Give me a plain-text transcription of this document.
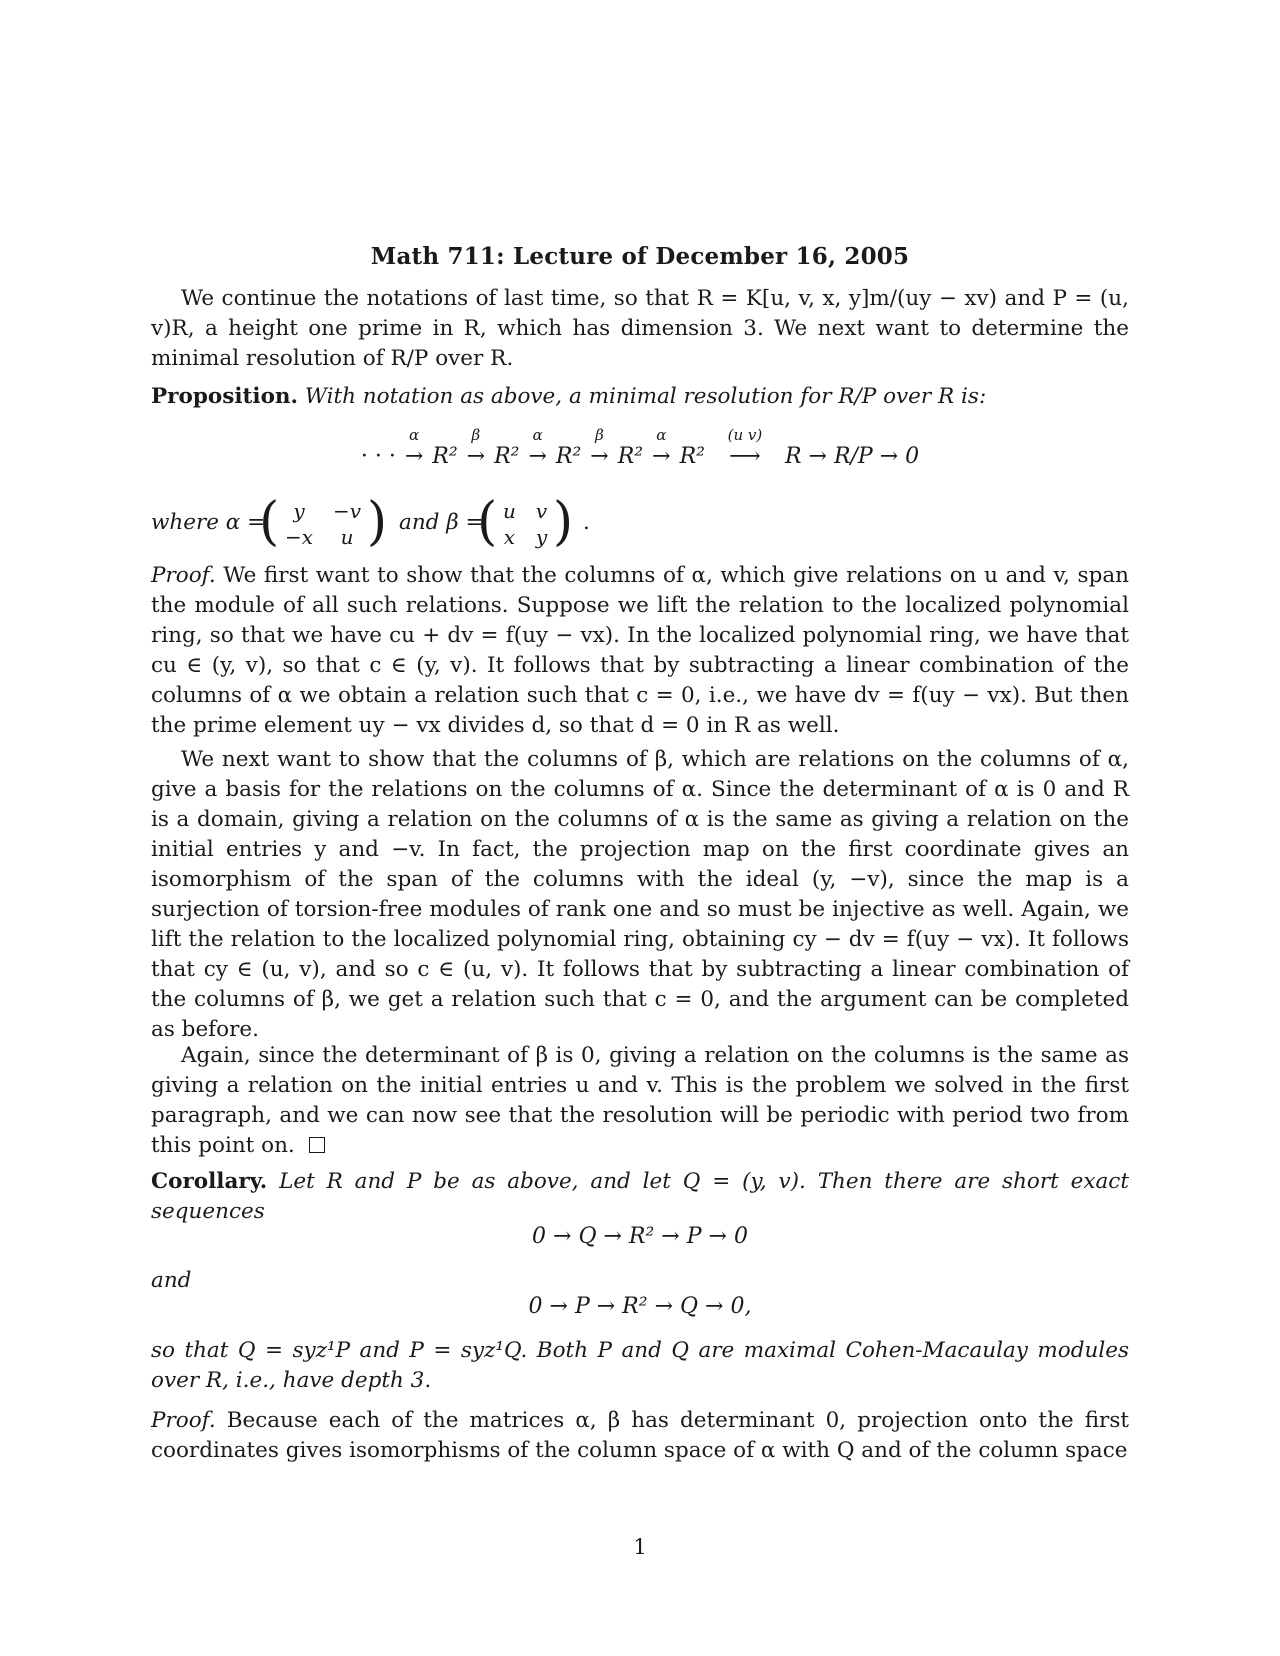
Math 711: Lecture of December 16, 2005
We continue the notations of last time, so that R = K[u, v, x, y]m/(uy − xv) and P = (u, v)R, a height one prime in R, which has dimension 3. We next want to determine the minimal resolution of R/P over R.
Proposition. With notation as above, a minimal resolution for R/P over R is:
· · ·
α
→ R²
β
→ R²
α
→ R²
β
→ R²
α
→ R²
(u v)
⟶ R → R/P → 0
where α =
( y	−v
−x	u ) and β =
( u	v
x	y ) .
Proof. We first want to show that the columns of α, which give relations on u and v, span the module of all such relations. Suppose we lift the relation to the localized polynomial ring, so that we have cu + dv = f(uy − vx). In the localized polynomial ring, we have that cu ∈ (y, v), so that c ∈ (y, v). It follows that by subtracting a linear combination of the columns of α we obtain a relation such that c = 0, i.e., we have dv = f(uy − vx). But then the prime element uy − vx divides d, so that d = 0 in R as well.
We next want to show that the columns of β, which are relations on the columns of α, give a basis for the relations on the columns of α. Since the determinant of α is 0 and R is a domain, giving a relation on the columns of α is the same as giving a relation on the initial entries y and −v. In fact, the projection map on the first coordinate gives an isomorphism of the span of the columns with the ideal (y, −v), since the map is a surjection of torsion-free modules of rank one and so must be injective as well. Again, we lift the relation to the localized polynomial ring, obtaining cy − dv = f(uy − vx). It follows that cy ∈ (u, v), and so c ∈ (u, v). It follows that by subtracting a linear combination of the columns of β, we get a relation such that c = 0, and the argument can be completed as before.
Again, since the determinant of β is 0, giving a relation on the columns is the same as giving a relation on the initial entries u and v. This is the problem we solved in the first paragraph, and we can now see that the resolution will be periodic with period two from this point on.
Corollary. Let R and P be as above, and let Q = (y, v). Then there are short exact sequences
0 → Q → R² → P → 0
and
0 → P → R² → Q → 0,
so that Q = syz¹P and P = syz¹Q. Both P and Q are maximal Cohen-Macaulay modules over R, i.e., have depth 3.
Proof. Because each of the matrices α, β has determinant 0, projection onto the first coordinates gives isomorphisms of the column space of α with Q and of the column space
1
